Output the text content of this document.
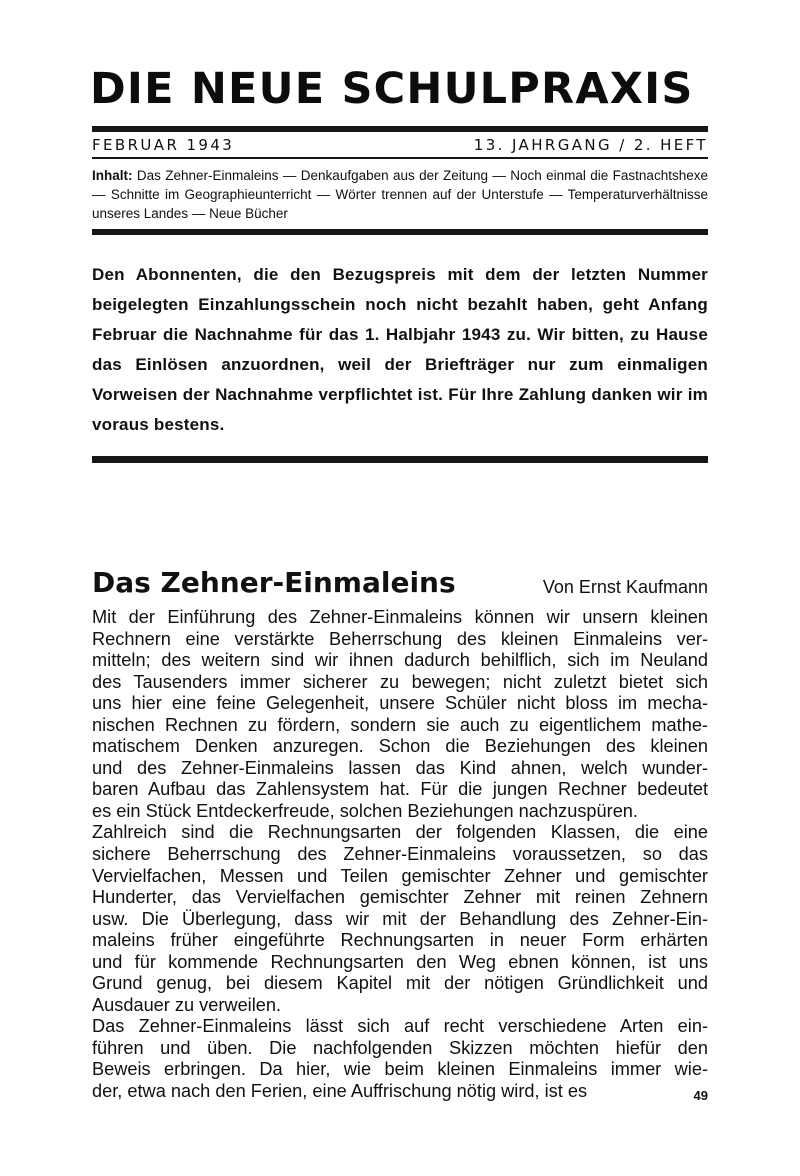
DIE NEUE SCHULPRAXIS
FEBRUAR 1943	13. JAHRGANG / 2. HEFT
Inhalt: Das Zehner-Einmaleins — Denkaufgaben aus der Zeitung — Noch einmal die Fastnachtshexe — Schnitte im Geographieunterricht — Wörter trennen auf der Unterstufe — Temperaturverhältnisse unseres Landes — Neue Bücher
Den Abonnenten, die den Bezugspreis mit dem der letzten Nummer beigelegten Einzahlungsschein noch nicht bezahlt haben, geht Anfang Februar die Nachnahme für das 1. Halbjahr 1943 zu. Wir bitten, zu Hause das Einlösen anzuordnen, weil der Briefträger nur zum einmaligen Vorweisen der Nachnahme verpflichtet ist. Für Ihre Zahlung danken wir im voraus bestens.
Das Zehner-Einmaleins	Von Ernst Kaufmann
Mit der Einführung des Zehner-Einmaleins können wir unsern kleinen
Rechnern eine verstärkte Beherrschung des kleinen Einmaleins ver-
mitteln; des weitern sind wir ihnen dadurch behilflich, sich im Neuland
des Tausenders immer sicherer zu bewegen; nicht zuletzt bietet sich
uns hier eine feine Gelegenheit, unsere Schüler nicht bloss im mecha-
nischen Rechnen zu fördern, sondern sie auch zu eigentlichem mathe-
matischem Denken anzuregen. Schon die Beziehungen des kleinen
und des Zehner-Einmaleins lassen das Kind ahnen, welch wunder-
baren Aufbau das Zahlensystem hat. Für die jungen Rechner bedeutet
es ein Stück Entdeckerfreude, solchen Beziehungen nachzuspüren.
Zahlreich sind die Rechnungsarten der folgenden Klassen, die eine
sichere Beherrschung des Zehner-Einmaleins voraussetzen, so das
Vervielfachen, Messen und Teilen gemischter Zehner und gemischter
Hunderter, das Vervielfachen gemischter Zehner mit reinen Zehnern
usw. Die Überlegung, dass wir mit der Behandlung des Zehner-Ein-
maleins früher eingeführte Rechnungsarten in neuer Form erhärten
und für kommende Rechnungsarten den Weg ebnen können, ist uns
Grund genug, bei diesem Kapitel mit der nötigen Gründlichkeit und
Ausdauer zu verweilen.
Das Zehner-Einmaleins lässt sich auf recht verschiedene Arten ein-
führen und üben. Die nachfolgenden Skizzen möchten hiefür den
Beweis erbringen. Da hier, wie beim kleinen Einmaleins immer wie-
der, etwa nach den Ferien, eine Auffrischung nötig wird, ist es	49
